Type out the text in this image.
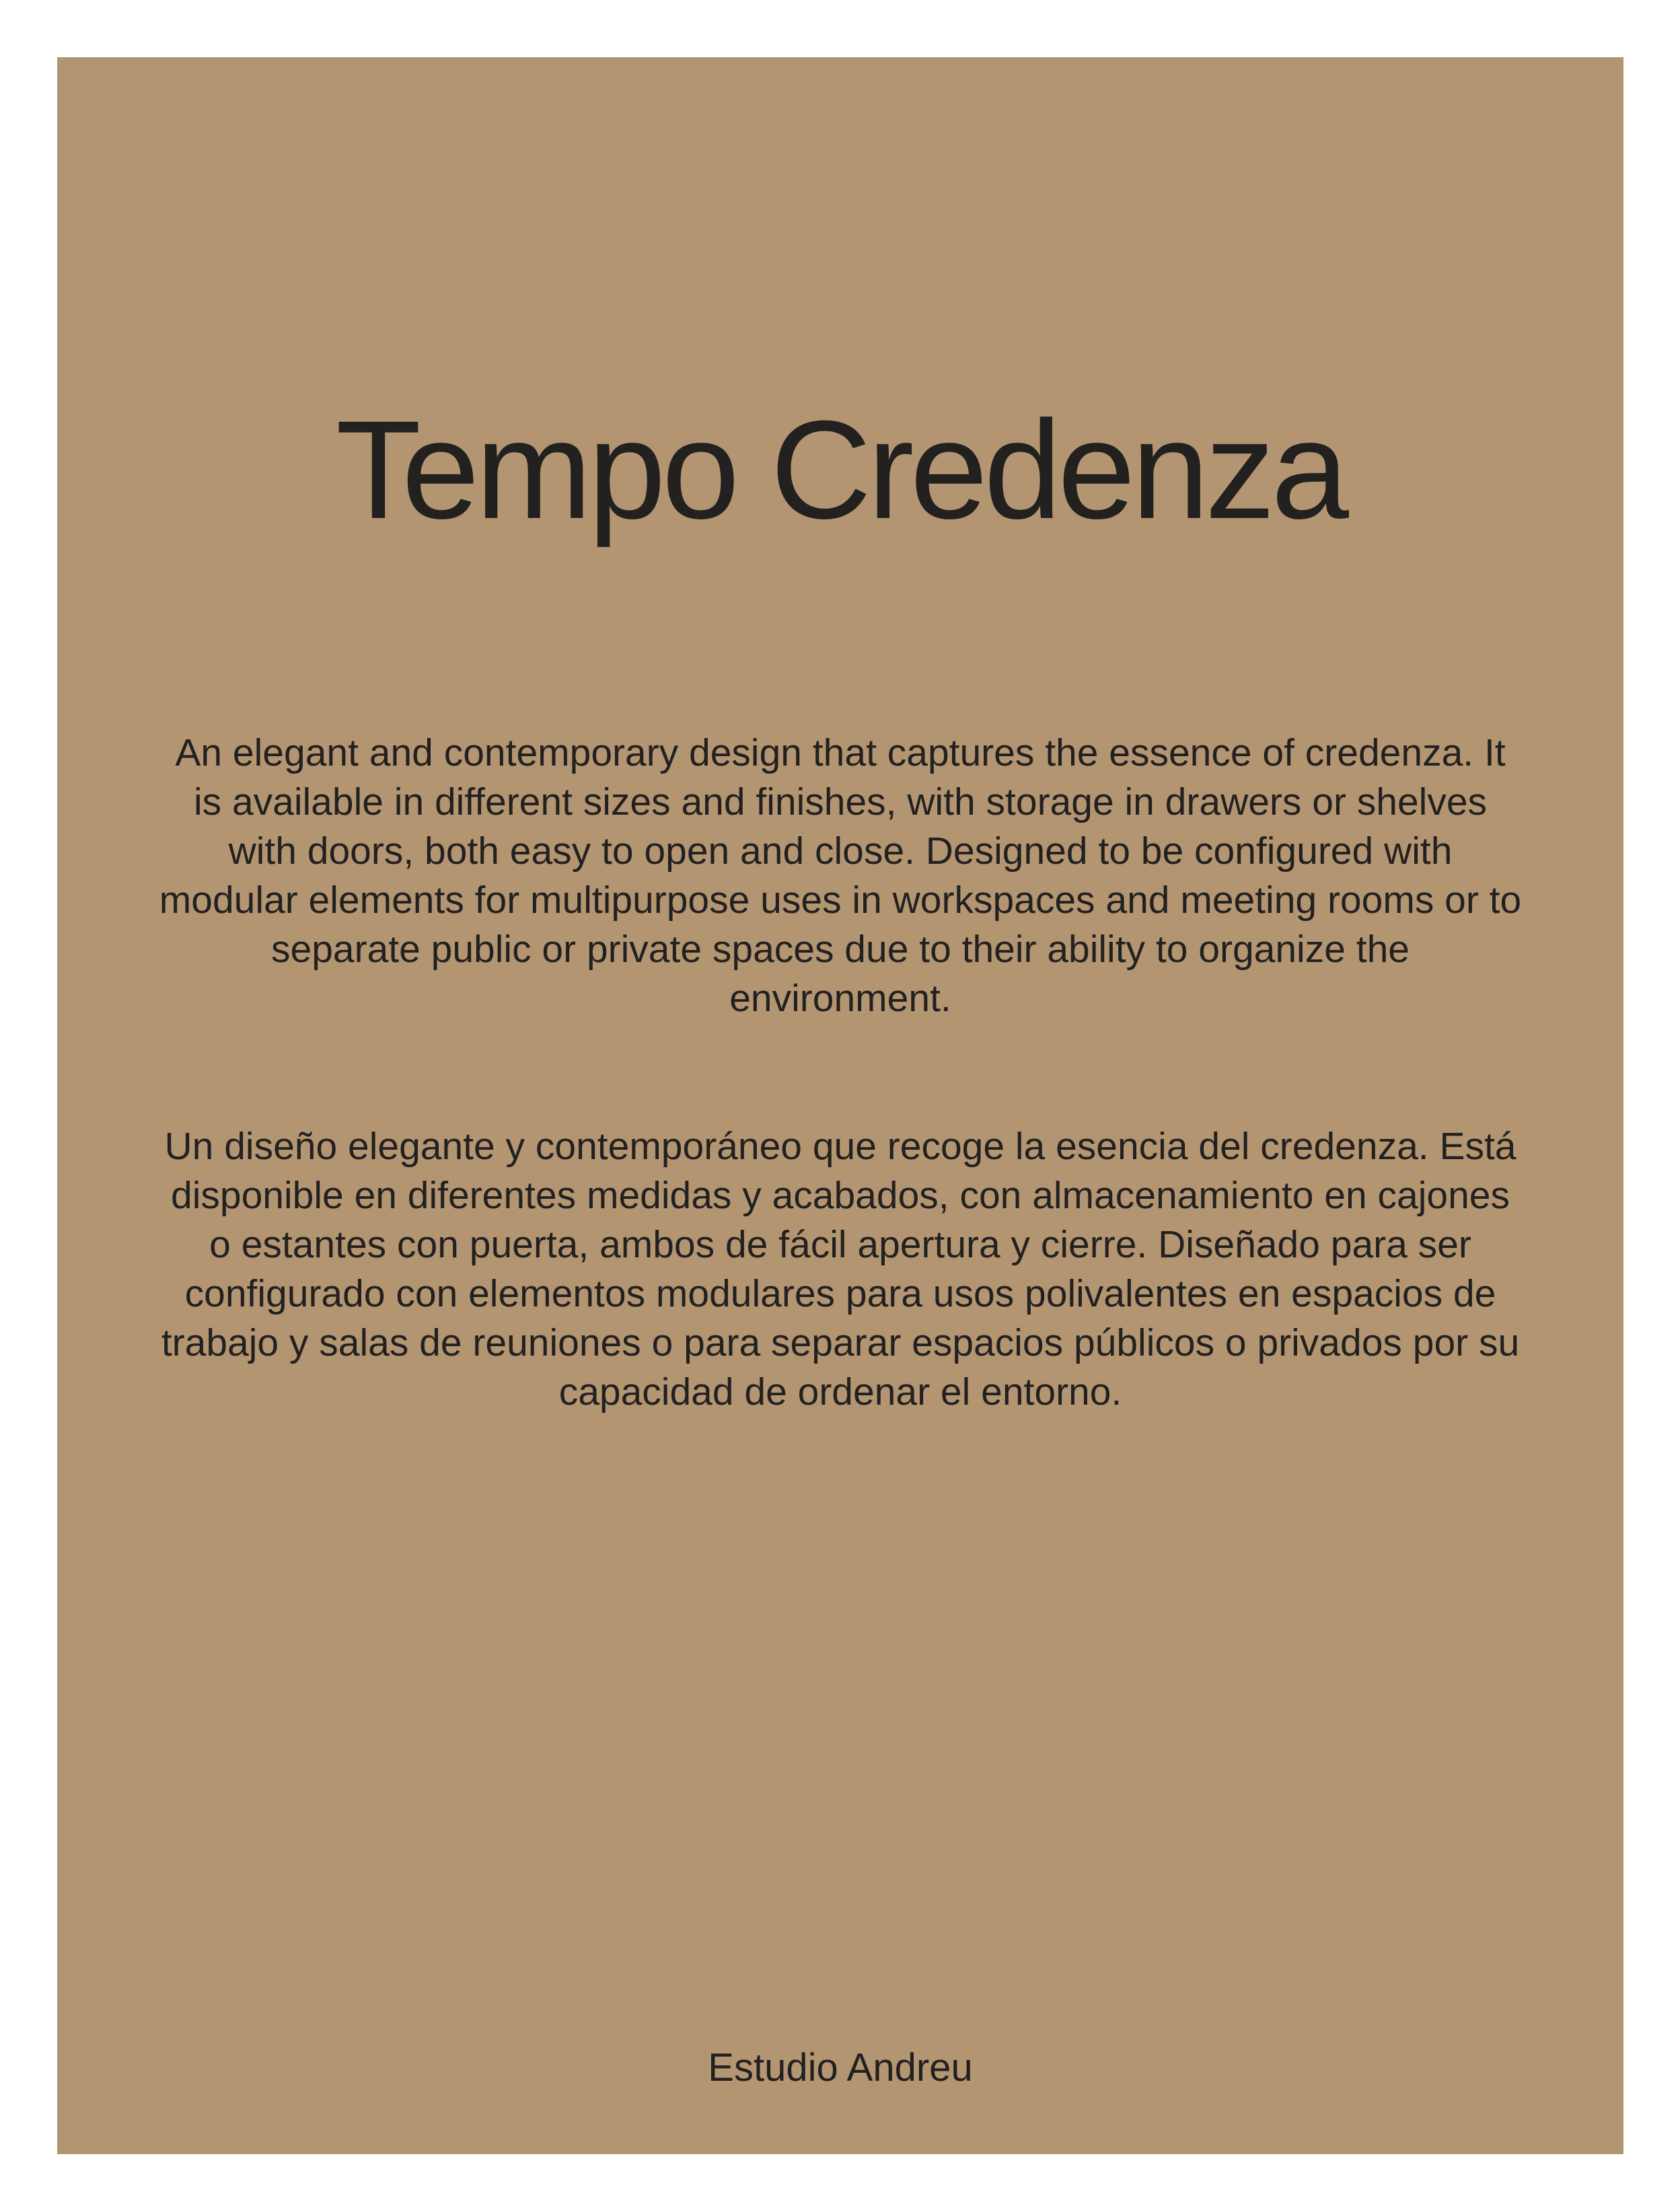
Tempo Credenza

An elegant and contemporary design that captures the essence of credenza. It is available in different sizes and finishes, with storage in drawers or shelves with doors, both easy to open and close. Designed to be configured with modular elements for multipurpose uses in workspaces and meeting rooms or to separate public or private spaces due to their ability to organize the environment.

Un diseño elegante y contemporáneo que recoge la esencia del credenza. Está disponible en diferentes medidas y acabados, con almacenamiento en cajones o estantes con puerta, ambos de fácil apertura y cierre. Diseñado para ser configurado con elementos modulares para usos polivalentes en espacios de trabajo y salas de reuniones o para separar espacios públicos o privados por su capacidad de ordenar el entorno.

Estudio Andreu
